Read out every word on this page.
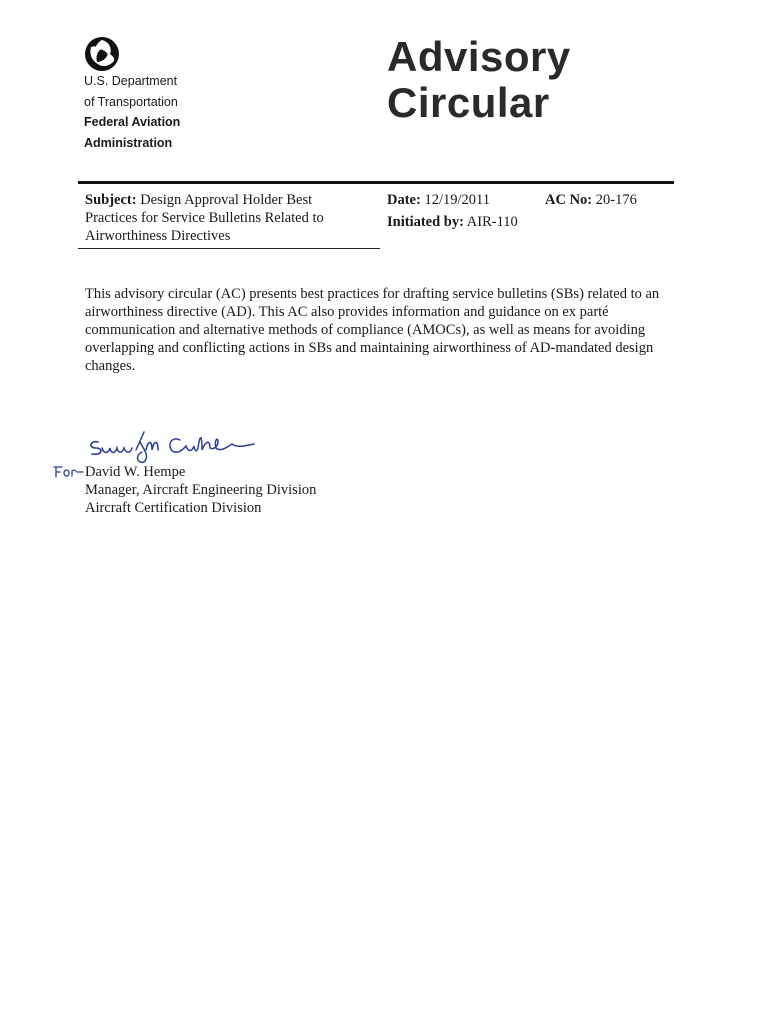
U.S. Department
of Transportation
Federal Aviation
Administration
Advisory
Circular
Subject: Design Approval Holder Best Practices for Service Bulletins Related to Airworthiness Directives
Date: 12/19/2011
Initiated by: AIR-110
AC No: 20-176
This advisory circular (AC) presents best practices for drafting service bulletins (SBs) related to an airworthiness directive (AD). This AC also provides information and guidance on ex parté communication and alternative methods of compliance (AMOCs), as well as means for avoiding overlapping and conflicting actions in SBs and maintaining airworthiness of AD-mandated design changes.
David W. Hempe
Manager, Aircraft Engineering Division
Aircraft Certification Division
